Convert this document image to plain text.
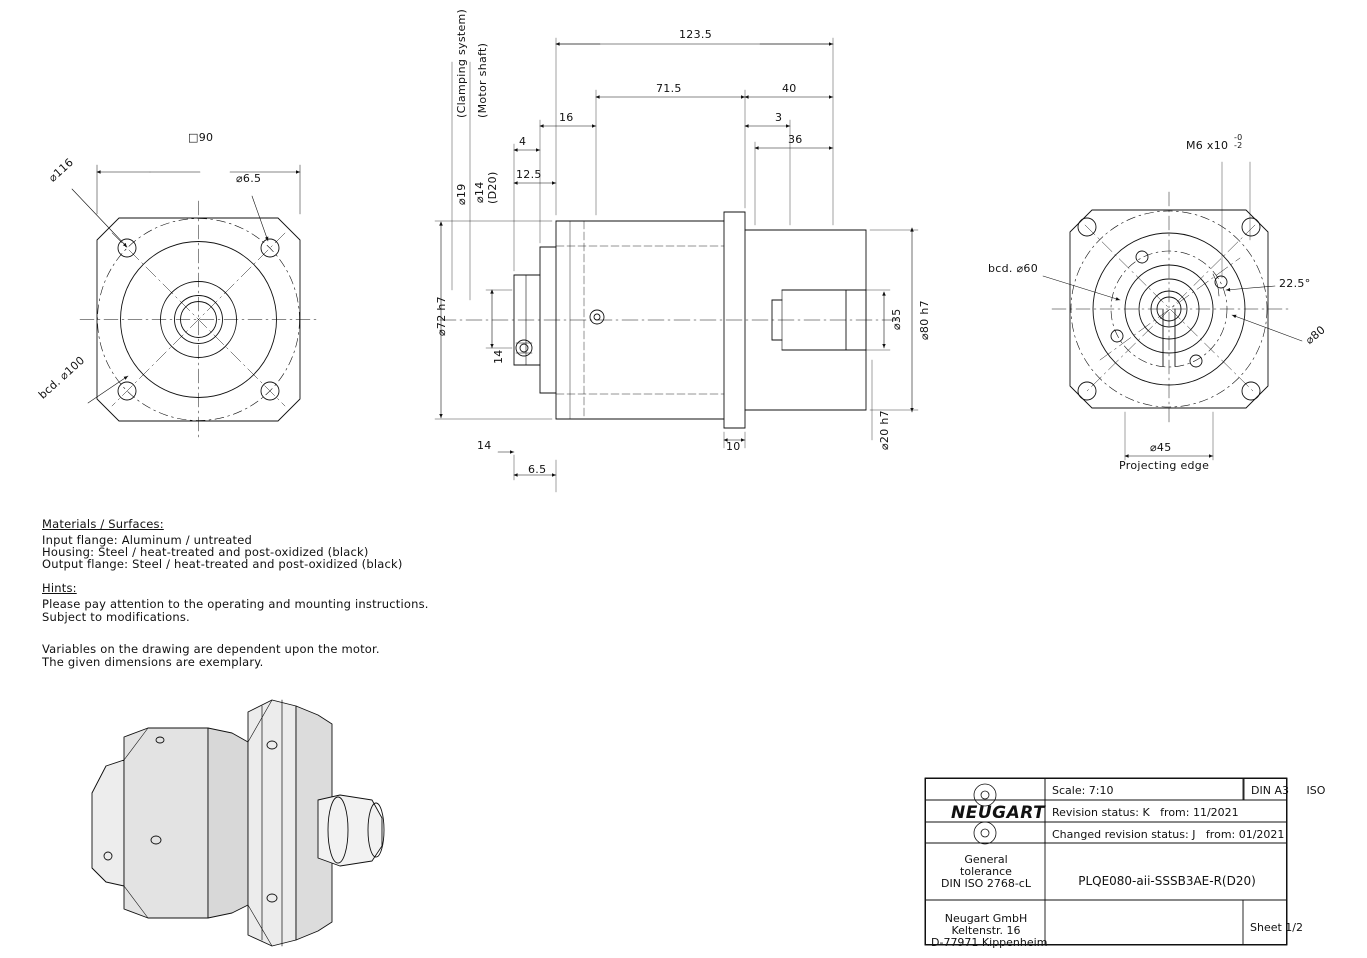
□90
⌀116	⌀6.5
bcd. ⌀100
123.5
71.5	40
16	3
4	36
12.5
14
14
6.5
10

(Clamping system)

(Motor shaft)

⌀19

⌀14

(D20)

⌀72 h7

	⌀35

⌀80 h7

⌀20 h7

M6 x10
-0
-2
bcd. ⌀60
22.5°
⌀80
⌀45
Projecting edge
Materials / Surfaces:
Input flange: Aluminum / untreated
Housing: Steel / heat-treated and post-oxidized (black)
Output flange: Steel / heat-treated and post-oxidized (black)
Hints:
Please pay attention to the operating and mounting instructions.
Subject to modifications.
Variables on the drawing are dependent upon the motor.
The given dimensions are exemplary.
NEUGART
Scale: 7:10	DIN A3	ISO
Revision status: K   from: 11/2021
Changed revision status: J   from: 01/2021
General
tolerance
DIN ISO 2768-cL	PLQE080-aii-SSSB3AE-R(D20)
Neugart GmbH
Keltenstr. 16
D-77971 Kippenheim
Sheet 1/2
